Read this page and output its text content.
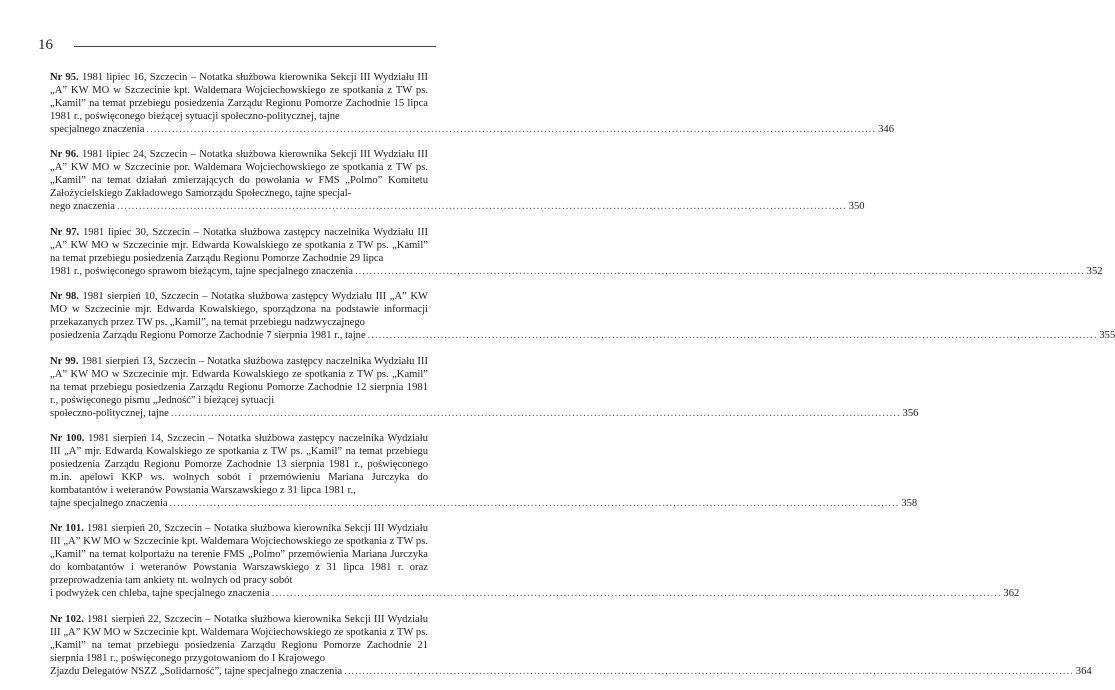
16
Nr 95. 1981 lipiec 16, Szczecin – Notatka służbowa kierownika Sekcji III Wydziału III „A” KW MO w Szczecinie kpt. Waldemara Wojciechowskiego ze spotkania z TW ps. „Kamil” na temat przebiegu posiedzenia Zarządu Regionu Pomorze Zachodnie 15 lipca 1981 r., poświęconego bieżącej sytuacji społeczno-politycznej, tajne
specjalnego znaczenia ........................................................................................................................................................................................................ 346
Nr 96. 1981 lipiec 24, Szczecin – Notatka służbowa kierownika Sekcji III Wydziału III „A” KW MO w Szczecinie por. Waldemara Wojciechowskiego ze spotkania z TW ps. „Kamil” na temat działań zmierzających do powołania w FMS „Polmo” Komitetu Założycielskiego Zakładowego Samorządu Społecznego, tajne specjal-
nego znaczenia ........................................................................................................................................................................................................ 350
Nr 97. 1981 lipiec 30, Szczecin – Notatka służbowa zastępcy naczelnika Wydziału III „A” KW MO w Szczecinie mjr. Edwarda Kowalskiego ze spotkania z TW ps. „Kamil” na temat przebiegu posiedzenia Zarządu Regionu Pomorze Zachodnie 29 lipca
1981 r., poświęconego sprawom bieżącym, tajne specjalnego znaczenia ........................................................................................................................................................................................................ 352
Nr 98. 1981 sierpień 10, Szczecin – Notatka służbowa zastępcy Wydziału III „A” KW MO w Szczecinie mjr. Edwarda Kowalskiego, sporządzona na podstawie informacji przekazanych przez TW ps. „Kamil”, na temat przebiegu nadzwyczajnego
posiedzenia Zarządu Regionu Pomorze Zachodnie 7 sierpnia 1981 r., tajne ........................................................................................................................................................................................................ 355
Nr 99. 1981 sierpień 13, Szczecin – Notatka służbowa zastępcy naczelnika Wydziału III „A” KW MO w Szczecinie mjr. Edwarda Kowalskiego ze spotkania z TW ps. „Kamil” na temat przebiegu posiedzenia Zarządu Regionu Pomorze Zachodnie 12 sierpnia 1981 r., poświęconego pismu „Jedność” i bieżącej sytuacji
społeczno-politycznej, tajne ........................................................................................................................................................................................................ 356
Nr 100. 1981 sierpień 14, Szczecin – Notatka służbowa zastępcy naczelnika Wydziału III „A” mjr. Edwarda Kowalskiego ze spotkania z TW ps. „Kamil” na temat przebiegu posiedzenia Zarządu Regionu Pomorze Zachodnie 13 sierpnia 1981 r., poświęconego m.in. apelowi KKP ws. wolnych sobót i przemówieniu Mariana Jurczyka do kombatantów i weteranów Powstania Warszawskiego z 31 lipca 1981 r.,
tajne specjalnego znaczenia ........................................................................................................................................................................................................ 358
Nr 101. 1981 sierpień 20, Szczecin – Notatka służbowa kierownika Sekcji III Wydziału III „A” KW MO w Szczecinie kpt. Waldemara Wojciechowskiego ze spotkania z TW ps. „Kamil” na temat kolportażu na terenie FMS „Polmo” przemówienia Mariana Jurczyka do kombatantów i weteranów Powstania Warszawskiego z 31 lipca 1981 r. oraz przeprowadzenia tam ankiety nt. wolnych od pracy sobót
i podwyżek cen chleba, tajne specjalnego znaczenia ........................................................................................................................................................................................................ 362
Nr 102. 1981 sierpień 22, Szczecin – Notatka służbowa kierownika Sekcji III Wydziału III „A” KW MO w Szczecinie kpt. Waldemara Wojciechowskiego ze spotkania z TW ps. „Kamil” na temat przebiegu posiedzenia Zarządu Regionu Pomorze Zachodnie 21 sierpnia 1981 r., poświęconego przygotowaniom do I Krajowego
Zjazdu Delegatów NSZZ „Solidarność”, tajne specjalnego znaczenia ........................................................................................................................................................................................................ 364
